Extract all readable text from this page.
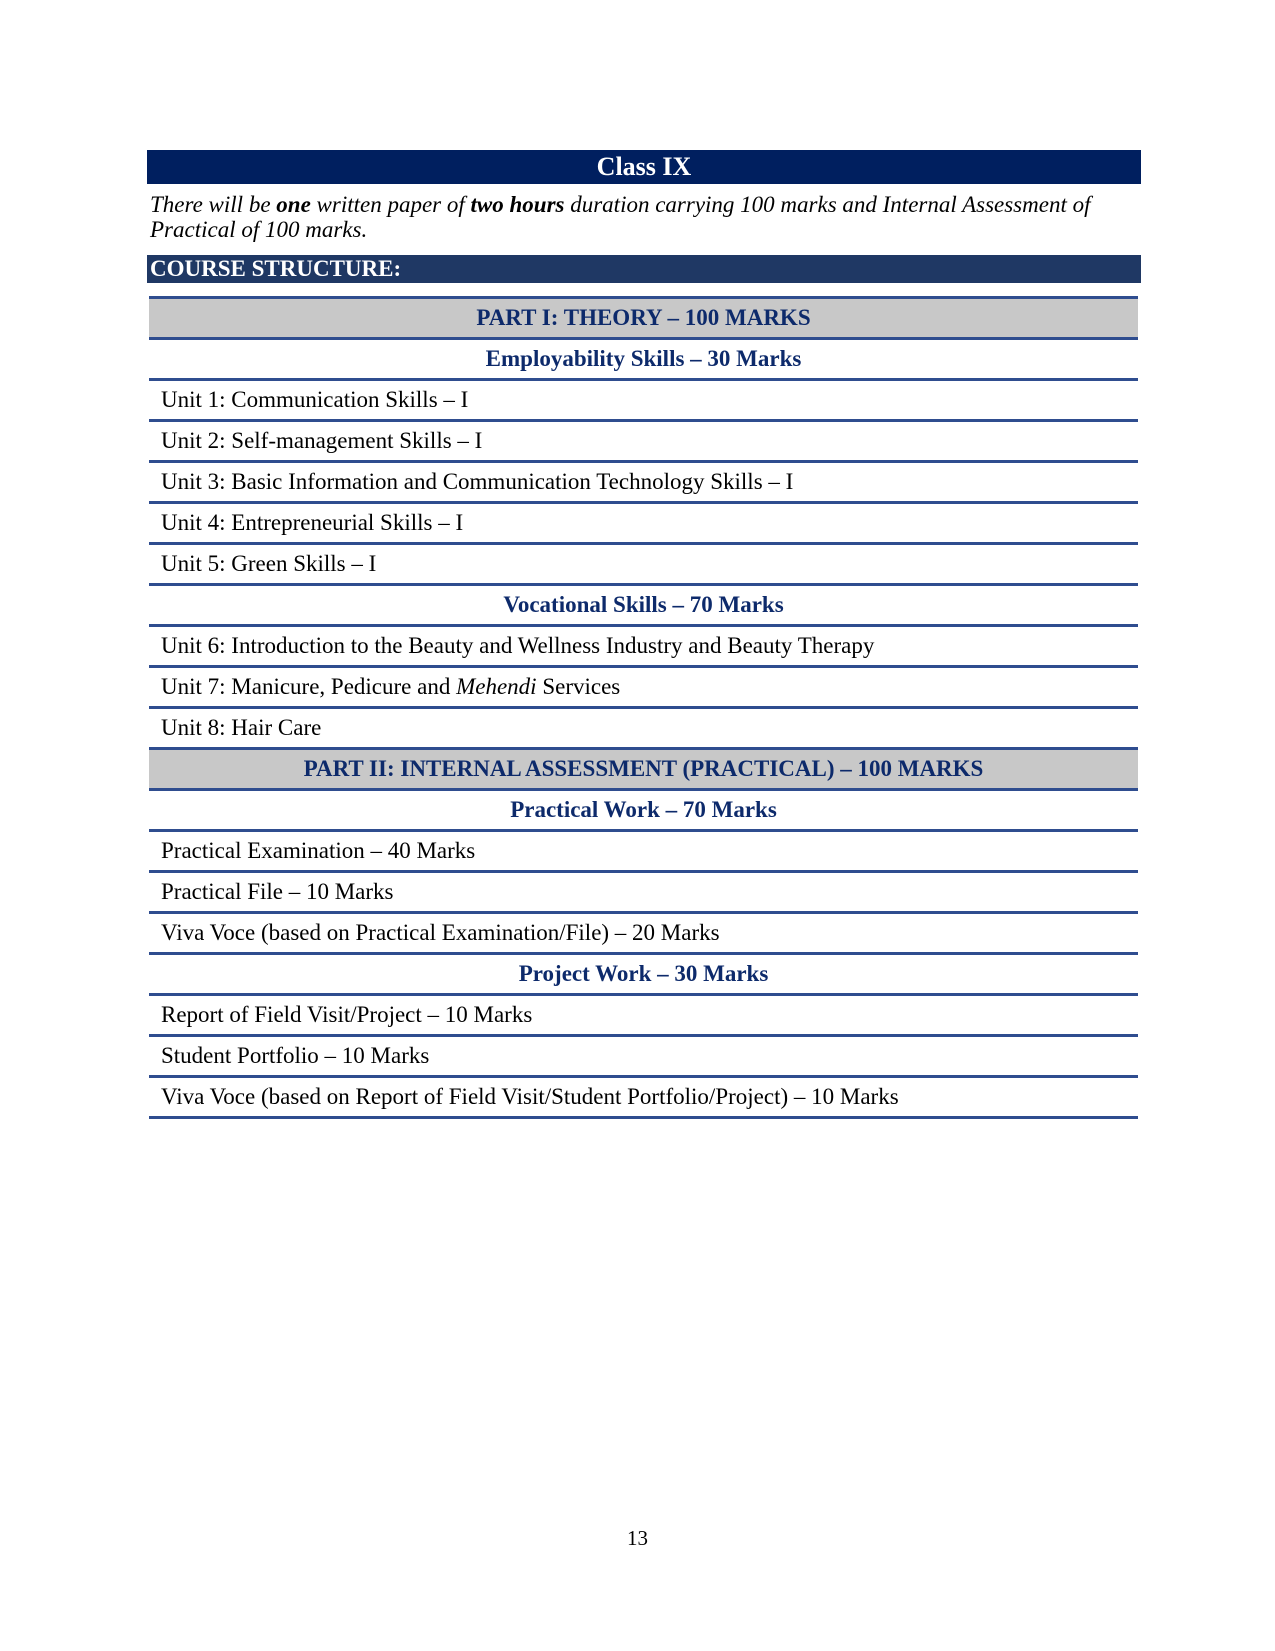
Class IX
There will be one written paper of two hours duration carrying 100 marks and Internal Assessment of Practical of 100 marks.
COURSE STRUCTURE:
PART I: THEORY – 100 MARKS
Employability Skills – 30 Marks
Unit 1: Communication Skills – I
Unit 2: Self-management Skills – I
Unit 3: Basic Information and Communication Technology Skills – I
Unit 4: Entrepreneurial Skills – I
Unit 5: Green Skills – I
Vocational Skills – 70 Marks
Unit 6: Introduction to the Beauty and Wellness Industry and Beauty Therapy
Unit 7: Manicure, Pedicure and Mehendi Services
Unit 8: Hair Care
PART II: INTERNAL ASSESSMENT (PRACTICAL) – 100 MARKS
Practical Work – 70 Marks
Practical Examination – 40 Marks
Practical File – 10 Marks
Viva Voce (based on Practical Examination/File) – 20 Marks
Project Work – 30 Marks
Report of Field Visit/Project – 10 Marks
Student Portfolio – 10 Marks
Viva Voce (based on Report of Field Visit/Student Portfolio/Project) – 10 Marks
13
